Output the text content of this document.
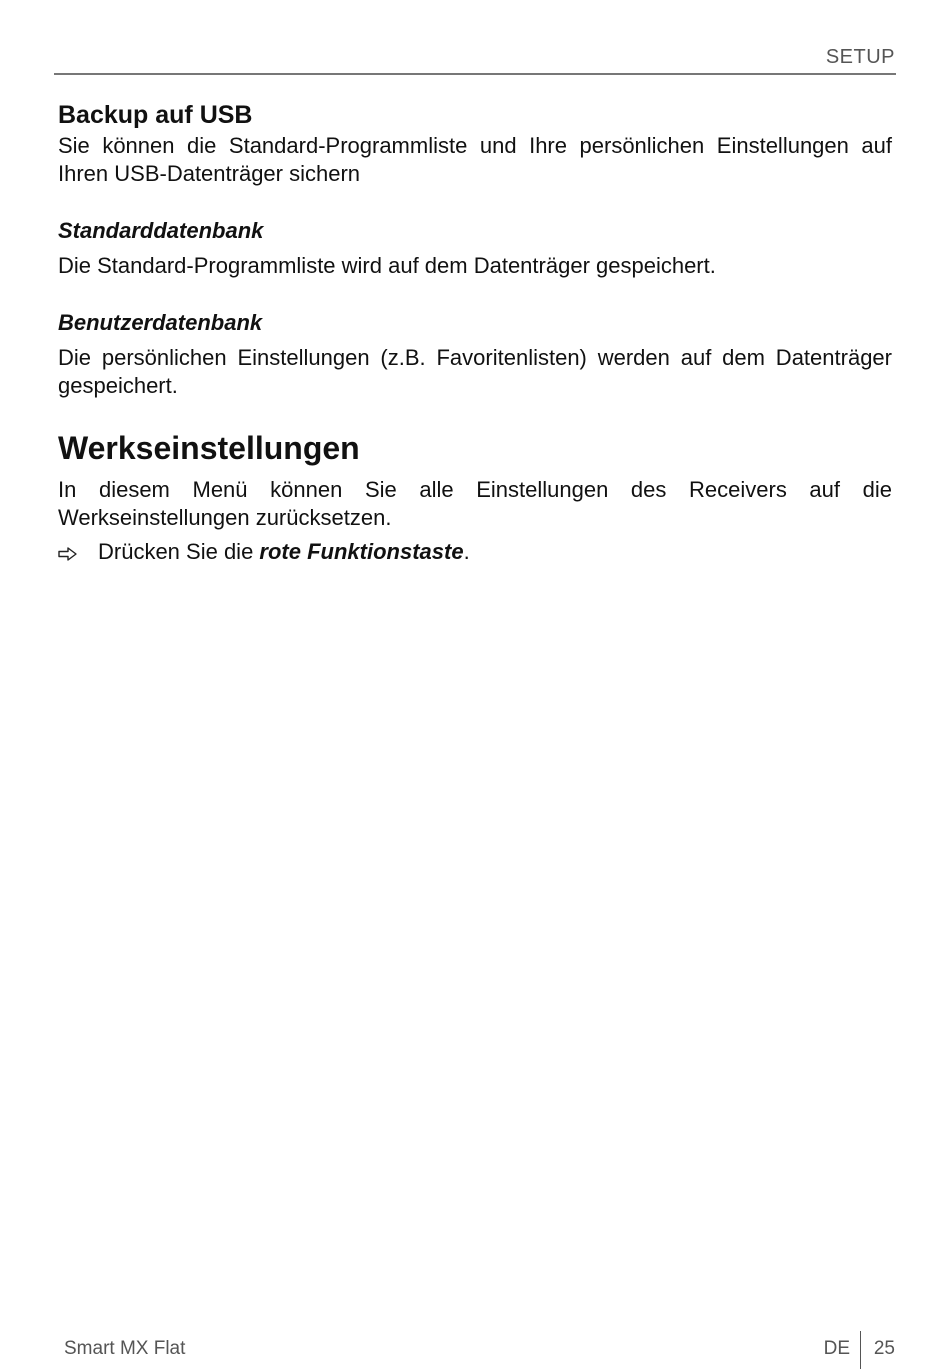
SETUP
Backup auf USB

Sie können die Standard-Programmliste und Ihre persönlichen Einstellungen auf Ihren USB-Datenträger sichern

Standarddatenbank

Die Standard-Programmliste wird auf dem Datenträger gespeichert.

Benutzerdatenbank

Die persönlichen Einstellungen (z.B. Favoritenlisten) werden auf dem Datenträger gespeichert.

Werkseinstellungen

In diesem Menü können Sie alle Einstellungen des Receivers auf die Werkseinstellungen zurücksetzen.

Drücken Sie die rote Funktionstaste.
Smart MX Flat	DE 25
